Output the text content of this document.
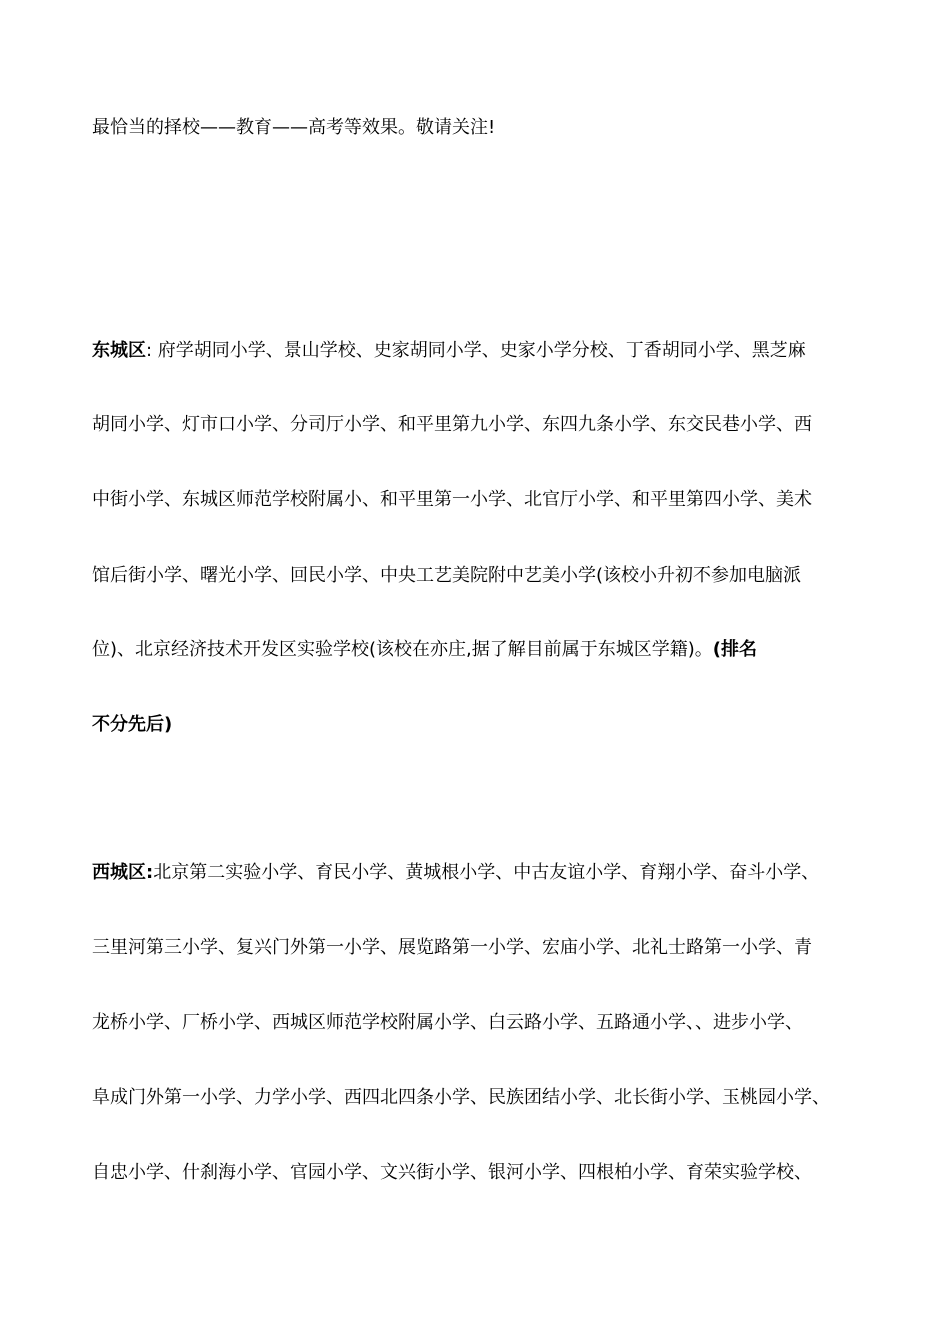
最恰当的择校——教育——高考等效果。敬请关注!
东城区: 府学胡同小学、景山学校、史家胡同小学、史家小学分校、丁香胡同小学、黑芝麻
胡同小学、灯市口小学、分司厅小学、和平里第九小学、东四九条小学、东交民巷小学、西
中街小学、东城区师范学校附属小、和平里第一小学、北官厅小学、和平里第四小学、美术
馆后街小学、曙光小学、回民小学、中央工艺美院附中艺美小学(该校小升初不参加电脑派
位)、北京经济技术开发区实验学校(该校在亦庄,据了解目前属于东城区学籍)。(排名
不分先后)
西城区:北京第二实验小学、育民小学、黄城根小学、中古友谊小学、育翔小学、奋斗小学、
三里河第三小学、复兴门外第一小学、展览路第一小学、宏庙小学、北礼士路第一小学、青
龙桥小学、厂桥小学、西城区师范学校附属小学、白云路小学、五路通小学、、进步小学、
阜成门外第一小学、力学小学、西四北四条小学、民族团结小学、北长街小学、玉桃园小学、
自忠小学、什刹海小学、官园小学、文兴街小学、银河小学、四根柏小学、育荣实验学校、
